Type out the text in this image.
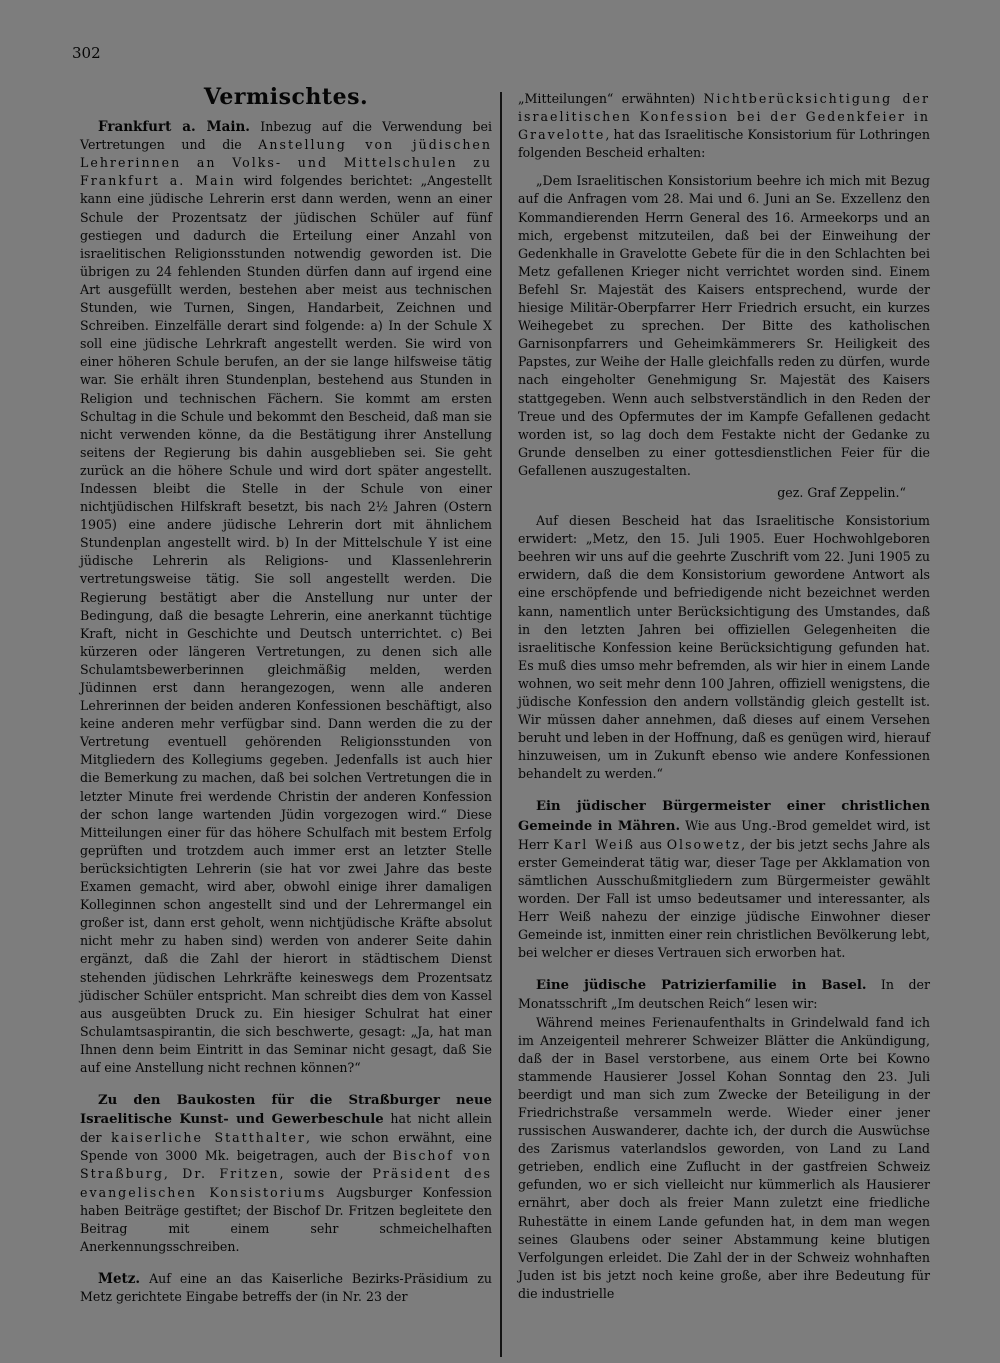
302
Vermischtes.

Frankfurt a. Main. Inbezug auf die Verwendung bei Vertretungen und die Anstellung von jüdischen Lehrerinnen an Volks- und Mittelschulen zu Frankfurt a. Main wird folgendes berichtet: „Angestellt kann eine jüdische Lehrerin erst dann werden, wenn an einer Schule der Prozentsatz der jüdischen Schüler auf fünf gestiegen und dadurch die Erteilung einer Anzahl von israelitischen Religionsstunden notwendig geworden ist. Die übrigen zu 24 fehlenden Stunden dürfen dann auf irgend eine Art ausgefüllt werden, bestehen aber meist aus technischen Stunden, wie Turnen, Singen, Handarbeit, Zeichnen und Schreiben. Einzelfälle derart sind folgende: a) In der Schule X soll eine jüdische Lehrkraft angestellt werden. Sie wird von einer höheren Schule berufen, an der sie lange hilfsweise tätig war. Sie erhält ihren Stundenplan, bestehend aus Stunden in Religion und technischen Fächern. Sie kommt am ersten Schultag in die Schule und bekommt den Bescheid, daß man sie nicht verwenden könne, da die Bestätigung ihrer Anstellung seitens der Regierung bis dahin ausgeblieben sei. Sie geht zurück an die höhere Schule und wird dort später angestellt. Indessen bleibt die Stelle in der Schule von einer nichtjüdischen Hilfskraft besetzt, bis nach 2½ Jahren (Ostern 1905) eine andere jüdische Lehrerin dort mit ähnlichem Stundenplan angestellt wird. b) In der Mittelschule Y ist eine jüdische Lehrerin als Religions- und Klassenlehrerin vertretungsweise tätig. Sie soll angestellt werden. Die Regierung bestätigt aber die Anstellung nur unter der Bedingung, daß die besagte Lehrerin, eine anerkannt tüchtige Kraft, nicht in Geschichte und Deutsch unterrichtet. c) Bei kürzeren oder längeren Vertretungen, zu denen sich alle Schulamtsbewerberinnen gleichmäßig melden, werden Jüdinnen erst dann herangezogen, wenn alle anderen Lehrerinnen der beiden anderen Konfessionen beschäftigt, also keine anderen mehr verfügbar sind. Dann werden die zu der Vertretung eventuell gehörenden Religionsstunden von Mitgliedern des Kollegiums gegeben. Jedenfalls ist auch hier die Bemerkung zu machen, daß bei solchen Vertretungen die in letzter Minute frei werdende Christin der anderen Konfession der schon lange wartenden Jüdin vorgezogen wird.“ Diese Mitteilungen einer für das höhere Schulfach mit bestem Erfolg geprüften und trotzdem auch immer erst an letzter Stelle berücksichtigten Lehrerin (sie hat vor zwei Jahre das beste Examen gemacht, wird aber, obwohl einige ihrer damaligen Kolleginnen schon angestellt sind und der Lehrermangel ein großer ist, dann erst geholt, wenn nichtjüdische Kräfte absolut nicht mehr zu haben sind) werden von anderer Seite dahin ergänzt, daß die Zahl der hierort in städtischem Dienst stehenden jüdischen Lehrkräfte keineswegs dem Prozentsatz jüdischer Schüler entspricht. Man schreibt dies dem von Kassel aus ausgeübten Druck zu. Ein hiesiger Schulrat hat einer Schulamtsaspirantin, die sich beschwerte, gesagt: „Ja, hat man Ihnen denn beim Eintritt in das Seminar nicht gesagt, daß Sie auf eine Anstellung nicht rechnen können?“

Zu den Baukosten für die Straßburger neue Israelitische Kunst- und Gewerbeschule hat nicht allein der kaiserliche Statthalter, wie schon erwähnt, eine Spende von 3000 Mk. beigetragen, auch der Bischof von Straßburg, Dr. Fritzen, sowie der Präsident des evangelischen Konsistoriums Augsburger Konfession haben Beiträge gestiftet; der Bischof Dr. Fritzen begleitete den Beitrag mit einem sehr schmeichelhaften Anerkennungsschreiben.

Metz. Auf eine an das Kaiserliche Bezirks-Präsidium zu Metz gerichtete Eingabe betreffs der (in Nr. 23 der

„Mitteilungen“ erwähnten) Nichtberücksichtigung der israelitischen Konfession bei der Gedenkfeier in Gravelotte, hat das Israelitische Konsistorium für Lothringen folgenden Bescheid erhalten:

„Dem Israelitischen Konsistorium beehre ich mich mit Bezug auf die Anfragen vom 28. Mai und 6. Juni an Se. Exzellenz den Kommandierenden Herrn General des 16. Armeekorps und an mich, ergebenst mitzuteilen, daß bei der Einweihung der Gedenkhalle in Gravelotte Gebete für die in den Schlachten bei Metz gefallenen Krieger nicht verrichtet worden sind. Einem Befehl Sr. Majestät des Kaisers entsprechend, wurde der hiesige Militär-Oberpfarrer Herr Friedrich ersucht, ein kurzes Weihegebet zu sprechen. Der Bitte des katholischen Garnisonpfarrers und Geheimkämmerers Sr. Heiligkeit des Papstes, zur Weihe der Halle gleichfalls reden zu dürfen, wurde nach eingeholter Genehmigung Sr. Majestät des Kaisers stattgegeben. Wenn auch selbstverständlich in den Reden der Treue und des Opfermutes der im Kampfe Gefallenen gedacht worden ist, so lag doch dem Festakte nicht der Gedanke zu Grunde denselben zu einer gottesdienstlichen Feier für die Gefallenen auszugestalten.

gez. Graf Zeppelin.“

Auf diesen Bescheid hat das Israelitische Konsistorium erwidert: „Metz, den 15. Juli 1905. Euer Hochwohlgeboren beehren wir uns auf die geehrte Zuschrift vom 22. Juni 1905 zu erwidern, daß die dem Konsistorium gewordene Antwort als eine erschöpfende und befriedigende nicht bezeichnet werden kann, namentlich unter Berücksichtigung des Umstandes, daß in den letzten Jahren bei offiziellen Gelegenheiten die israelitische Konfession keine Berücksichtigung gefunden hat. Es muß dies umso mehr befremden, als wir hier in einem Lande wohnen, wo seit mehr denn 100 Jahren, offiziell wenigstens, die jüdische Konfession den andern vollständig gleich gestellt ist. Wir müssen daher annehmen, daß dieses auf einem Versehen beruht und leben in der Hoffnung, daß es genügen wird, hierauf hinzuweisen, um in Zukunft ebenso wie andere Konfessionen behandelt zu werden.“

Ein jüdischer Bürgermeister einer christlichen Gemeinde in Mähren. Wie aus Ung.-Brod gemeldet wird, ist Herr Karl Weiß aus Olsowetz, der bis jetzt sechs Jahre als erster Gemeinderat tätig war, dieser Tage per Akklamation von sämtlichen Ausschußmitgliedern zum Bürgermeister gewählt worden. Der Fall ist umso bedeutsamer und interessanter, als Herr Weiß nahezu der einzige jüdische Einwohner dieser Gemeinde ist, inmitten einer rein christlichen Bevölkerung lebt, bei welcher er dieses Vertrauen sich erworben hat.

Eine jüdische Patrizierfamilie in Basel. In der Monatsschrift „Im deutschen Reich“ lesen wir:

Während meines Ferienaufenthalts in Grindelwald fand ich im Anzeigenteil mehrerer Schweizer Blätter die Ankündigung, daß der in Basel verstorbene, aus einem Orte bei Kowno stammende Hausierer Jossel Kohan Sonntag den 23. Juli beerdigt und man sich zum Zwecke der Beteiligung in der Friedrichstraße versammeln werde. Wieder einer jener russischen Auswanderer, dachte ich, der durch die Auswüchse des Zarismus vaterlandslos geworden, von Land zu Land getrieben, endlich eine Zuflucht in der gastfreien Schweiz gefunden, wo er sich vielleicht nur kümmerlich als Hausierer ernährt, aber doch als freier Mann zuletzt eine friedliche Ruhestätte in einem Lande gefunden hat, in dem man wegen seines Glaubens oder seiner Abstammung keine blutigen Verfolgungen erleidet. Die Zahl der in der Schweiz wohnhaften Juden ist bis jetzt noch keine große, aber ihre Bedeutung für die industrielle
